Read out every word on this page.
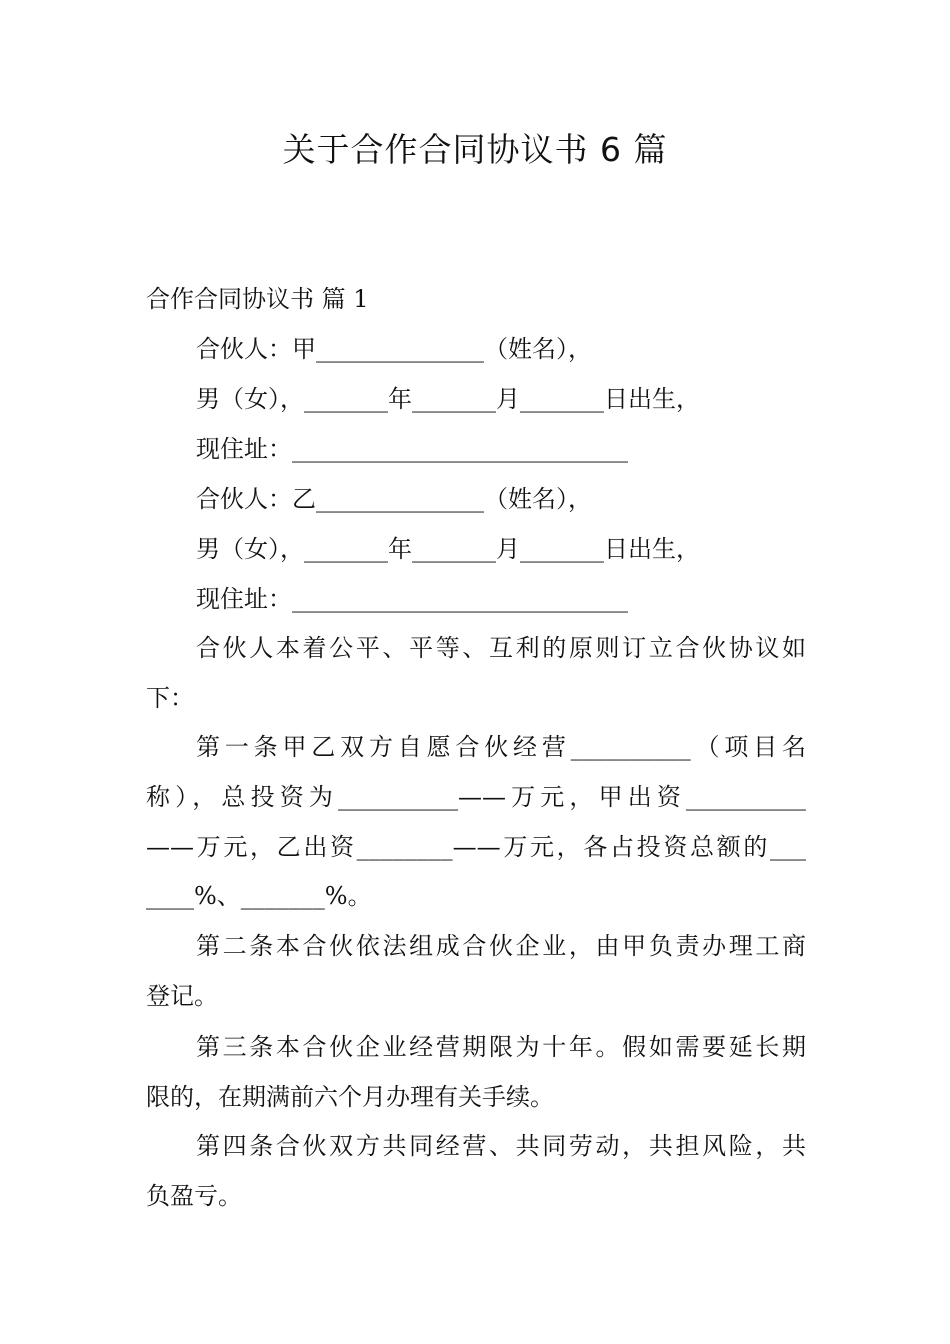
关于合作合同协议书 6 篇
合作合同协议书 篇 1
合伙人：甲______________（姓名），
男（女），_______年_______月_______日出生，
现住址：____________________________
合伙人：乙______________（姓名），
男（女），_______年_______月_______日出生，
现住址：____________________________
合伙人本着公平、平等、互利的原则订立合伙协议如
下：
第一条甲乙双方自愿合伙经营__________（项目名
称），总投资为__________——万元，甲出资__________
——万元，乙出资________——万元，各占投资总额的___
____%、_______%。
第二条本合伙依法组成合伙企业，由甲负责办理工商
登记。
第三条本合伙企业经营期限为十年。假如需要延长期
限的，在期满前六个月办理有关手续。
第四条合伙双方共同经营、共同劳动，共担风险，共
负盈亏。
